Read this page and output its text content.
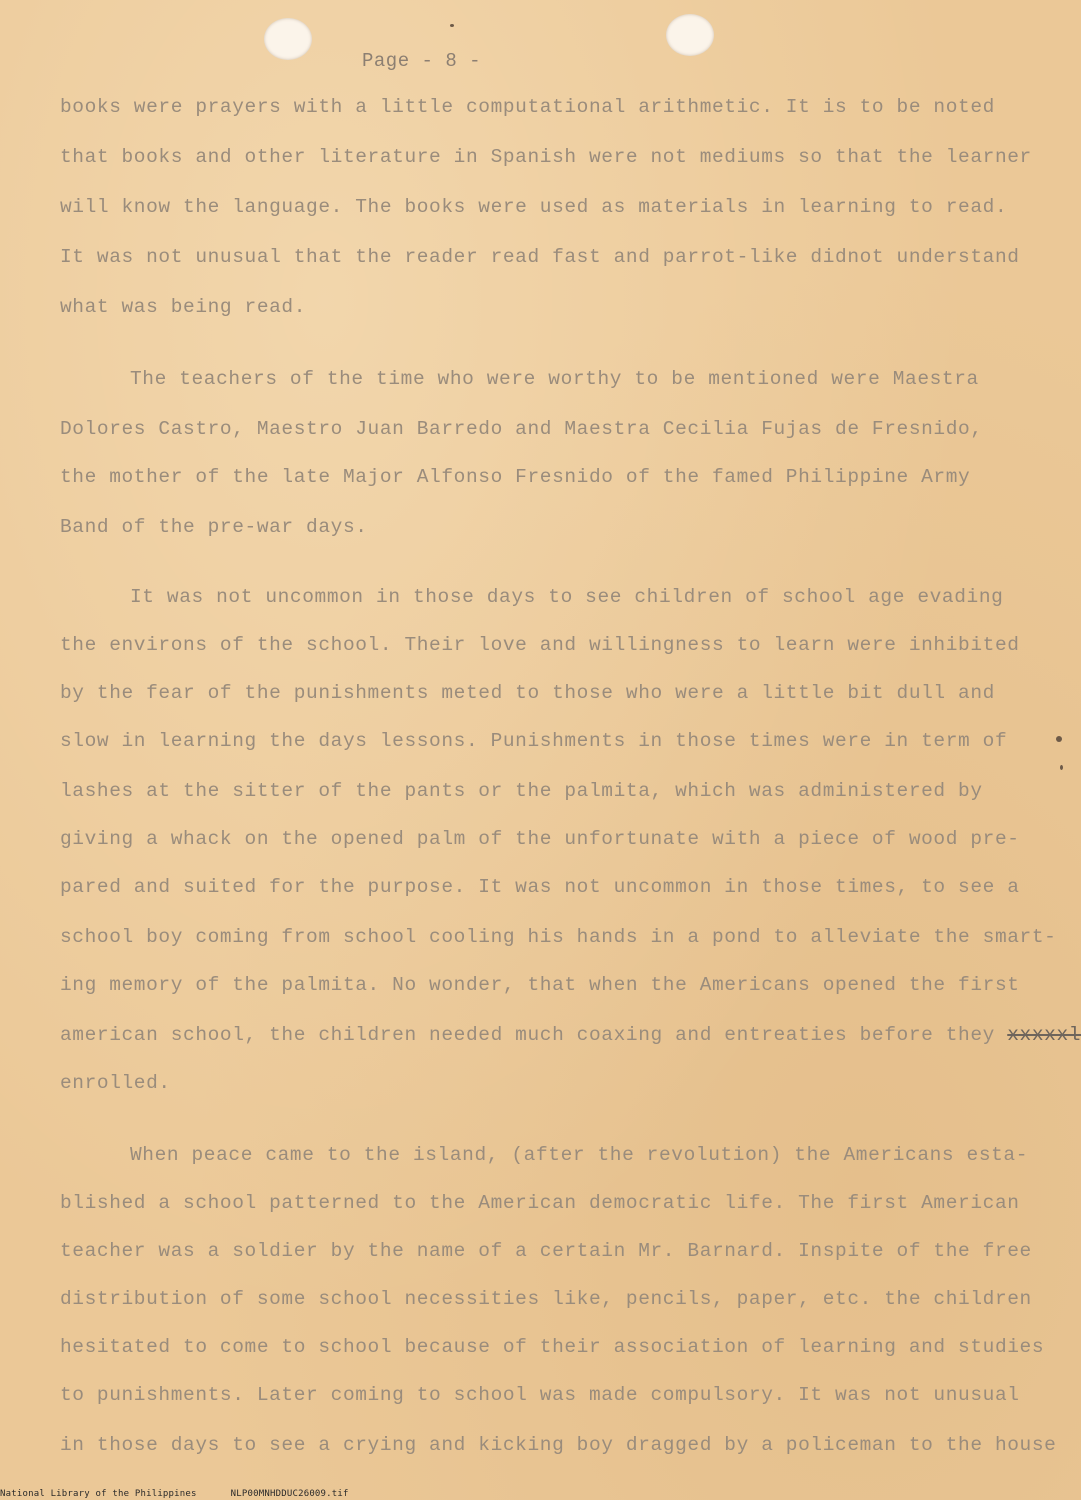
Page - 8 -
books were prayers with a little computational arithmetic. It is to be noted
that books and other literature in Spanish were not mediums so that the learner
will know the language. The books were used as materials in learning to read.
It was not unusual that the reader read fast and parrot-like didnot understand
what was being read.
The teachers of the time who were worthy to be mentioned were Maestra
Dolores Castro, Maestro Juan Barredo and Maestra Cecilia Fujas de Fresnido,
the mother of the late Major Alfonso Fresnido of the famed Philippine Army
Band of the pre-war days.
It was not uncommon in those days to see children of school age evading
the environs of the school. Their love and willingness to learn were inhibited
by the fear of the punishments meted to those who were a little bit dull and
slow in learning the days lessons. Punishments in those times were in term of
lashes at the sitter of the pants or the palmita, which was administered by
giving a whack on the opened palm of the unfortunate with a piece of wood pre-
pared and suited for the purpose. It was not uncommon in those times, to see a
school boy coming from school cooling his hands in a pond to alleviate the smart-
ing memory of the palmita. No wonder, that when the Americans opened the first
american school, the children needed much coaxing and entreaties before they xxxxxl
enrolled.
When peace came to the island, (after the revolution) the Americans esta-
blished a school patterned to the American democratic life. The first American
teacher was a soldier by the name of a certain Mr. Barnard. Inspite of the free
distribution of some school necessities like, pencils, paper, etc. the children
hesitated to come to school because of their association of learning and studies
to punishments. Later coming to school was made compulsory. It was not unusual
in those days to see a crying and kicking boy dragged by a policeman to the house
National Library of the Philippines	NLP00MNHDDUC26009.tif
